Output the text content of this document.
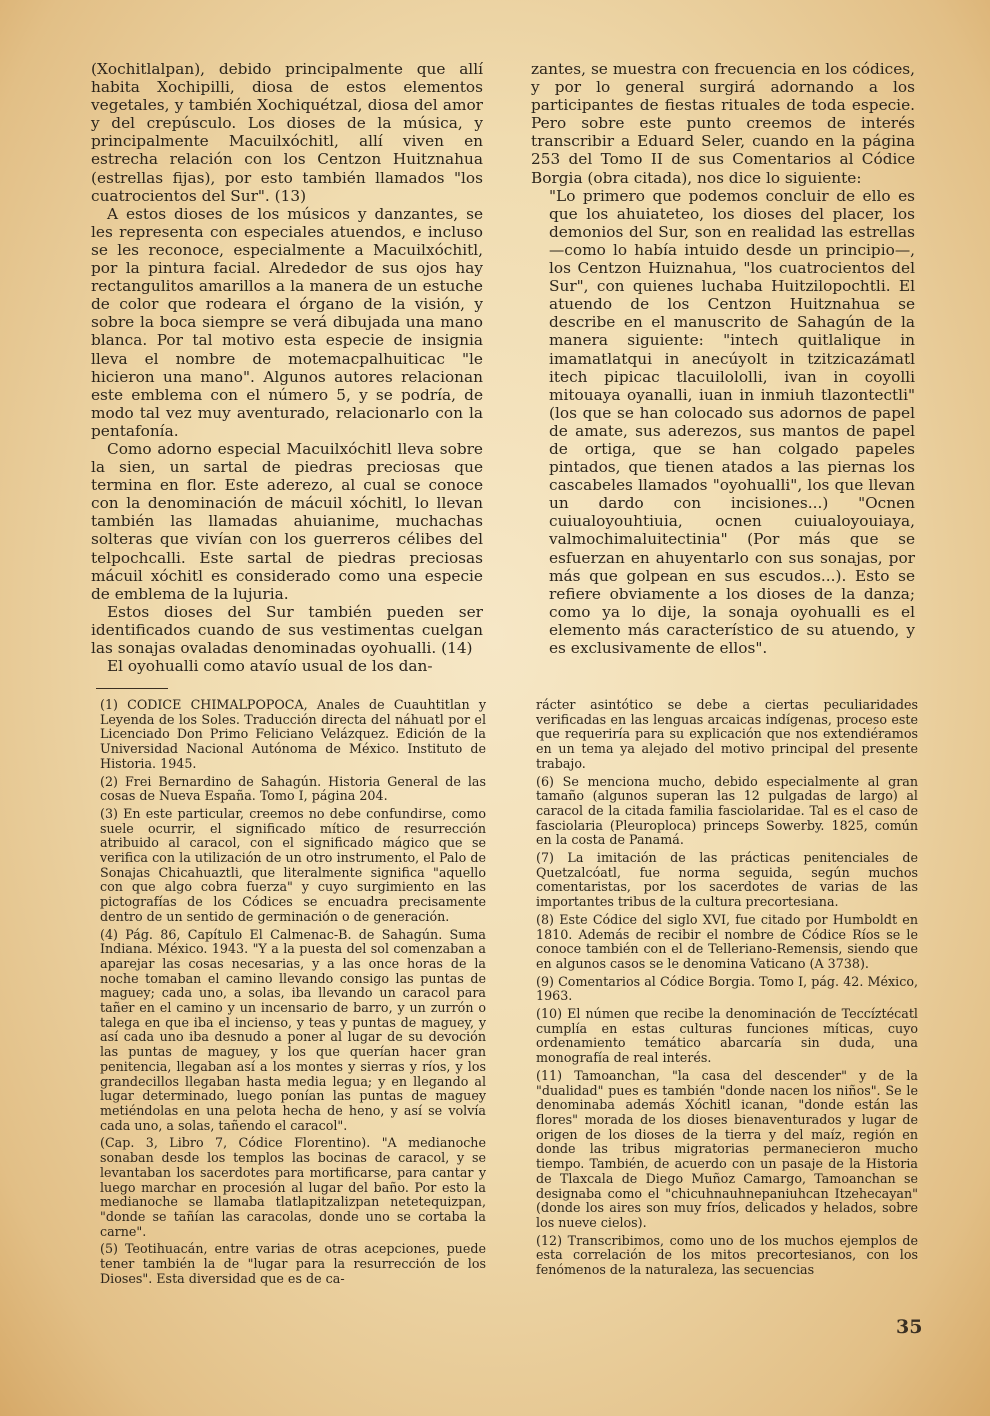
(Xochitlalpan), debido principalmente que allí habita Xochipilli, diosa de estos elementos vegetales, y también Xochiquétzal, diosa del amor y del crepúsculo. Los dioses de la música, y principalmente Macuilxóchitl, allí viven en estrecha relación con los Centzon Huitznahua (estrellas fijas), por esto también llamados "los cuatrocientos del Sur". (13)

A estos dioses de los músicos y danzantes, se les representa con especiales atuendos, e incluso se les reconoce, especialmente a Macuilxóchitl, por la pintura facial. Alrededor de sus ojos hay rectangulitos amarillos a la manera de un estuche de color que rodeara el órgano de la visión, y sobre la boca siempre se verá dibujada una mano blanca. Por tal motivo esta especie de insignia lleva el nombre de motemacpalhuiticac "le hicieron una mano". Algunos autores relacionan este emblema con el número 5, y se podría, de modo tal vez muy aventurado, relacionarlo con la pentafonía.

Como adorno especial Macuilxóchitl lleva sobre la sien, un sartal de piedras preciosas que termina en flor. Este aderezo, al cual se conoce con la denominación de mácuil xóchitl, lo llevan también las llamadas ahuianime, muchachas solteras que vivían con los guerreros célibes del telpochcalli. Este sartal de piedras preciosas mácuil xóchitl es considerado como una especie de emblema de la lujuria.

Estos dioses del Sur también pueden ser identificados cuando de sus vestimentas cuelgan las sonajas ovaladas denominadas oyohualli. (14)

El oyohualli como atavío usual de los dan-

zantes, se muestra con frecuencia en los códices, y por lo general surgirá adornando a los participantes de fiestas rituales de toda especie. Pero sobre este punto creemos de interés transcribir a Eduard Seler, cuando en la página 253 del Tomo II de sus Comentarios al Códice Borgia (obra citada), nos dice lo siguiente:

"Lo primero que podemos concluir de ello es que los ahuiateteo, los dioses del placer, los demonios del Sur, son en realidad las estrellas —como lo había intuido desde un principio—, los Centzon Huiznahua, "los cuatrocientos del Sur", con quienes luchaba Huitzilopochtli. El atuendo de los Centzon Huitznahua se describe en el manuscrito de Sahagún de la manera siguiente: "intech quitlalique in imamatlatqui in anecúyolt in tzitzicazámatl itech pipicac tlacuilololli, ivan in coyolli mitouaya oyanalli, iuan in inmiuh tlazontectli" (los que se han colocado sus adornos de papel de amate, sus aderezos, sus mantos de papel de ortiga, que se han colgado papeles pintados, que tienen atados a las piernas los cascabeles llamados "oyohualli", los que llevan un dardo con incisiones...) "Ocnen cuiualoyouhtiuia, ocnen cuiualoyouiaya, valmochimaluitectinia" (Por más que se esfuerzan en ahuyentarlo con sus sonajas, por más que golpean en sus escudos...). Esto se refiere obviamente a los dioses de la danza; como ya lo dije, la sonaja oyohualli es el elemento más característico de su atuendo, y es exclusivamente de ellos".

(1) CODICE CHIMALPOPOCA, Anales de Cuauhtitlan y Leyenda de los Soles. Traducción directa del náhuatl por el Licenciado Don Primo Feliciano Velázquez. Edición de la Universidad Nacional Autónoma de México. Instituto de Historia. 1945.

(2) Frei Bernardino de Sahagún. Historia General de las cosas de Nueva España. Tomo I, página 204.

(3) En este particular, creemos no debe confundirse, como suele ocurrir, el significado mítico de resurrección atribuido al caracol, con el significado mágico que se verifica con la utilización de un otro instrumento, el Palo de Sonajas Chicahuaztli, que literalmente significa "aquello con que algo cobra fuerza" y cuyo surgimiento en las pictografías de los Códices se encuadra precisamente dentro de un sentido de germinación o de generación.

(4) Pág. 86, Capítulo El Calmenac-B. de Sahagún. Suma Indiana. México. 1943. "Y a la puesta del sol comenzaban a aparejar las cosas necesarias, y a las once horas de la noche tomaban el camino llevando consigo las puntas de maguey; cada uno, a solas, iba llevando un caracol para tañer en el camino y un incensario de barro, y un zurrón o talega en que iba el incienso, y teas y puntas de maguey, y así cada uno iba desnudo a poner al lugar de su devoción las puntas de maguey, y los que querían hacer gran penitencia, llegaban así a los montes y sierras y ríos, y los grandecillos llegaban hasta media legua; y en llegando al lugar determinado, luego ponían las puntas de maguey metiéndolas en una pelota hecha de heno, y así se volvía cada uno, a solas, tañendo el caracol".

(Cap. 3, Libro 7, Códice Florentino). "A medianoche sonaban desde los templos las bocinas de caracol, y se levantaban los sacerdotes para mortificarse, para cantar y luego marchar en procesión al lugar del baño. Por esto la medianoche se llamaba tlatlapitzalizpan netetequizpan, "donde se tañían las caracolas, donde uno se cortaba la carne".

(5) Teotihuacán, entre varias de otras acepciones, puede tener también la de "lugar para la resurrección de los Dioses". Esta diversidad que es de ca-

rácter asintótico se debe a ciertas peculiaridades verificadas en las lenguas arcaicas indígenas, proceso este que requeriría para su explicación que nos extendiéramos en un tema ya alejado del motivo principal del presente trabajo.

(6) Se menciona mucho, debido especialmente al gran tamaño (algunos superan las 12 pulgadas de largo) al caracol de la citada familia fasciolaridae. Tal es el caso de fasciolaria (Pleuroploca) princeps Sowerby. 1825, común en la costa de Panamá.

(7) La imitación de las prácticas penitenciales de Quetzalcóatl, fue norma seguida, según muchos comentaristas, por los sacerdotes de varias de las importantes tribus de la cultura precortesiana.

(8) Este Códice del siglo XVI, fue citado por Humboldt en 1810. Además de recibir el nombre de Códice Ríos se le conoce también con el de Telleriano-Remensis, siendo que en algunos casos se le denomina Vaticano (A 3738).

(9) Comentarios al Códice Borgia. Tomo I, pág. 42. México, 1963.

(10) El númen que recibe la denominación de Teccíztécatl cumplía en estas culturas funciones míticas, cuyo ordenamiento temático abarcaría sin duda, una monografía de real interés.

(11) Tamoanchan, "la casa del descender" y de la "dualidad" pues es también "donde nacen los niños". Se le denominaba además Xóchitl icanan, "donde están las flores" morada de los dioses bienaventurados y lugar de origen de los dioses de la tierra y del maíz, región en donde las tribus migratorias permanecieron mucho tiempo. También, de acuerdo con un pasaje de la Historia de Tlaxcala de Diego Muñoz Camargo, Tamoanchan se designaba como el "chicuhnauhnepaniuhcan Itzehecayan" (donde los aires son muy fríos, delicados y helados, sobre los nueve cielos).

(12) Transcribimos, como uno de los muchos ejemplos de esta correlación de los mitos precortesianos, con los fenómenos de la naturaleza, las secuencias

35
